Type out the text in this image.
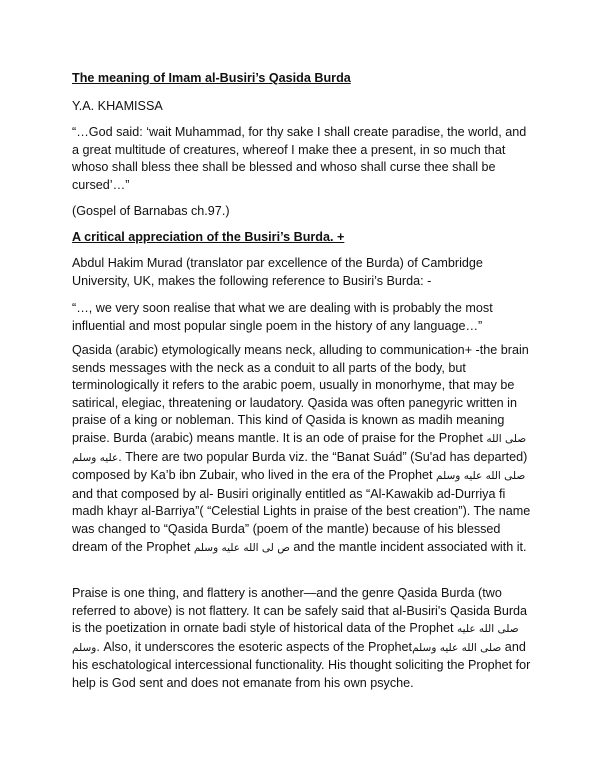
The meaning of Imam al-Busiri’s Qasida Burda

Y.A. KHAMISSA

“…God said: ‘wait Muhammad, for thy sake I shall create paradise, the world, and a great multitude of creatures, whereof I make thee a present, in so much that whoso shall bless thee shall be blessed and whoso shall curse thee shall be cursed’…”

(Gospel of Barnabas ch.97.)

A critical appreciation of the Busiri’s Burda. +

Abdul Hakim Murad (translator par excellence of the Burda) of Cambridge University, UK, makes the following reference to Busiri’s Burda: -

“…, we very soon realise that what we are dealing with is probably the most influential and most popular single poem in the history of any language…”

Qasida (arabic) etymologically means neck, alluding to communication+ -the brain sends messages with the neck as a conduit to all parts of the body, but terminologically it refers to the arabic poem, usually in monorhyme, that may be satirical, elegiac, threatening or laudatory. Qasida was often panegyric written in praise of a king or nobleman. This kind of Qasida is known as madih meaning praise. Burda (arabic) means mantle. It is an ode of praise for the Prophet صلى الله عليه وسلم. There are two popular Burda viz. the “Banat Suád” (Su'ad has departed) composed by Ka’b ibn Zubair, who lived in the era of the Prophet صلى الله عليه وسلم and that composed by al- Busiri originally entitled as “Al-Kawakib ad-Durriya fi madh khayr al-Barriya”( “Celestial Lights in praise of the best creation”). The name was changed to “Qasida Burda” (poem of the mantle) because of his blessed dream of the Prophet ص لى الله عليه وسلم and the mantle incident associated with it.

Praise is one thing, and flattery is another—and the genre Qasida Burda (two referred to above) is not flattery. It can be safely said that al-Busiri's Qasida Burda is the poetization in ornate badi style of historical data of the Prophet صلى الله عليه وسلم. Also, it underscores the esoteric aspects of the Prophetصلى الله عليه وسلم and his eschatological intercessional functionality. His thought soliciting the Prophet for help is God sent and does not emanate from his own psyche.
